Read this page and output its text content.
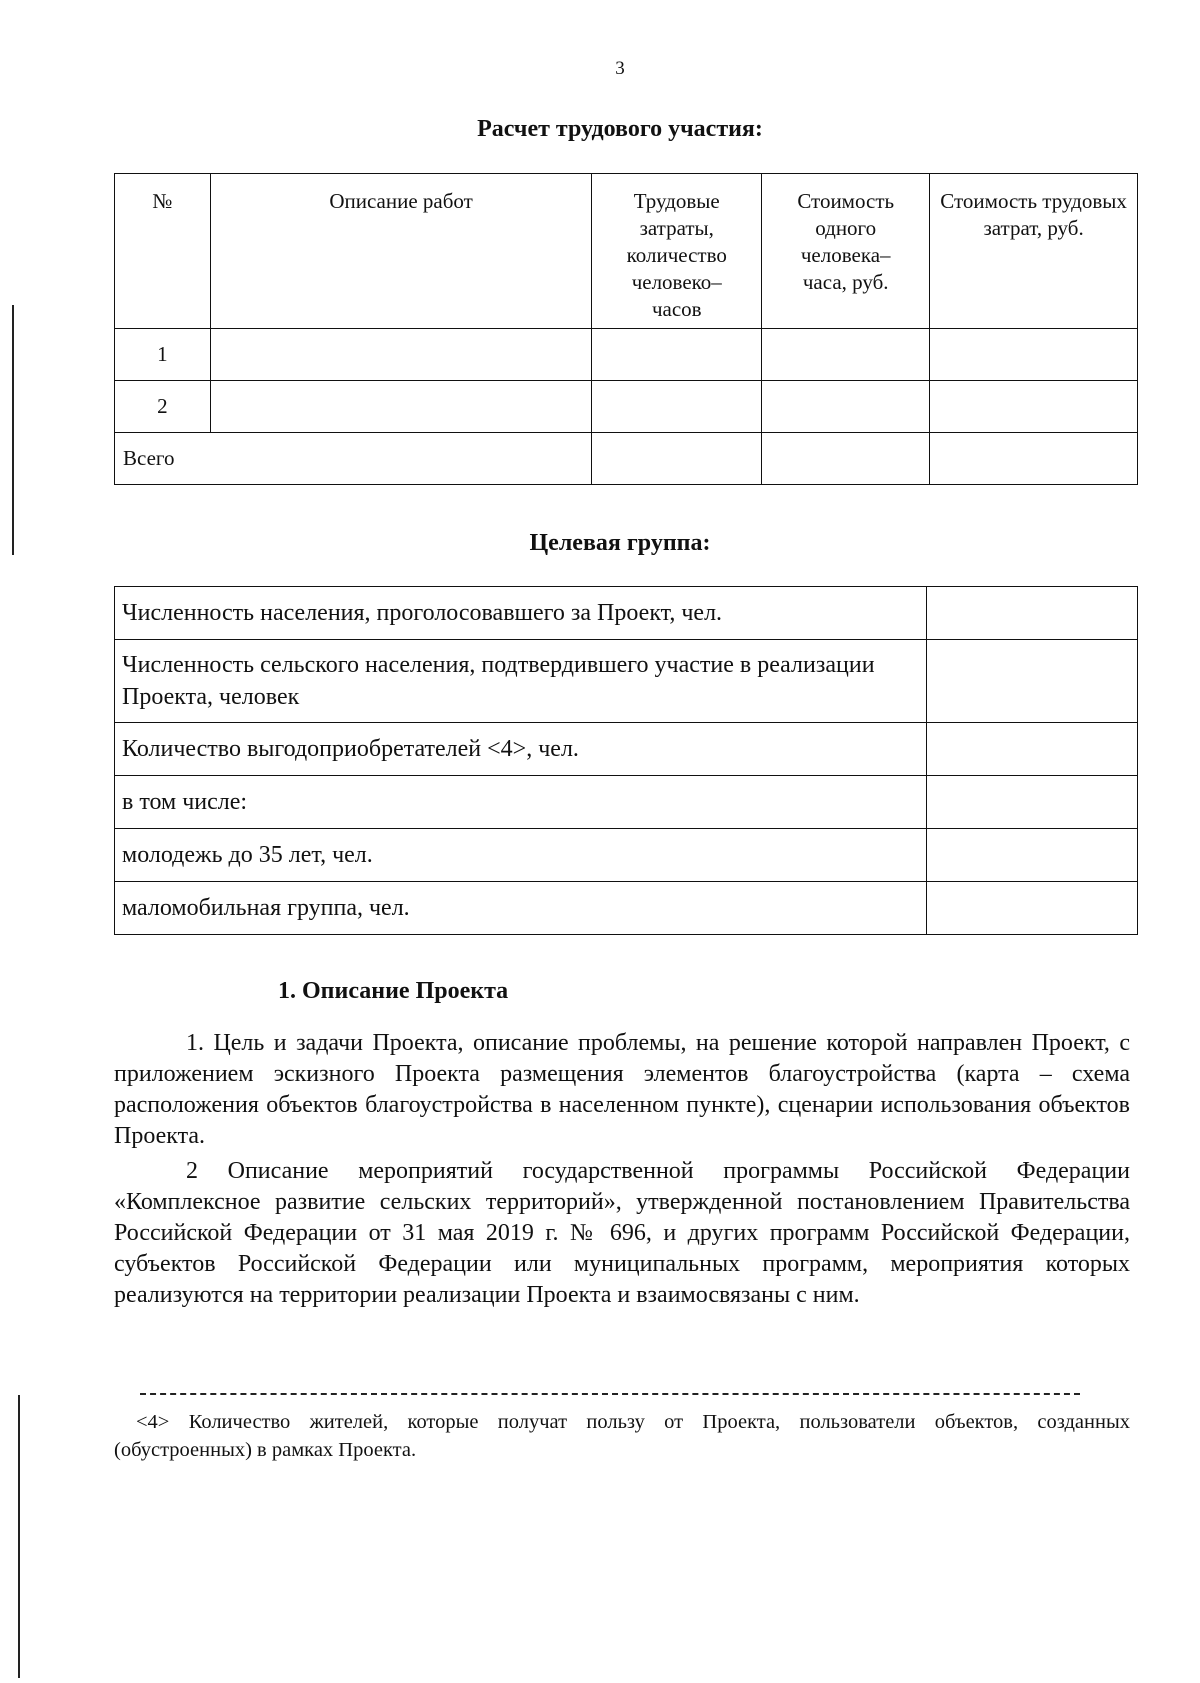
3
Расчет трудового участия:
№	Описание работ	Трудовые затраты, количество человеко–часов	Стоимость одного человека–часа, руб.	Стоимость трудовых затрат, руб.
1				
2				
Всего				
Целевая группа:
Численность населения, проголосовавшего за Проект, чел.	
Численность сельского населения, подтвердившего участие в реализации Проекта, человек	
Количество выгодоприобретателей <4>, чел.	
в том числе:	
молодежь до 35 лет, чел.	
маломобильная группа, чел.	
1. Описание Проекта

1. Цель и задачи Проекта, описание проблемы, на решение которой направлен Проект, с приложением эскизного Проекта размещения элементов благоустройства (карта – схема расположения объектов благоустройства в населенном пункте), сценарии использования объектов Проекта.

2 Описание мероприятий государственной программы Российской Федерации «Комплексное развитие сельских территорий», утвержденной постановлением Правительства Российской Федерации от 31 мая 2019 г. № 696, и других программ Российской Федерации, субъектов Российской Федерации или муниципальных программ, мероприятия которых реализуются на территории реализации Проекта и взаимосвязаны с ним.

<4> Количество жителей, которые получат пользу от Проекта, пользователи объектов, созданных (обустроенных) в рамках Проекта.
